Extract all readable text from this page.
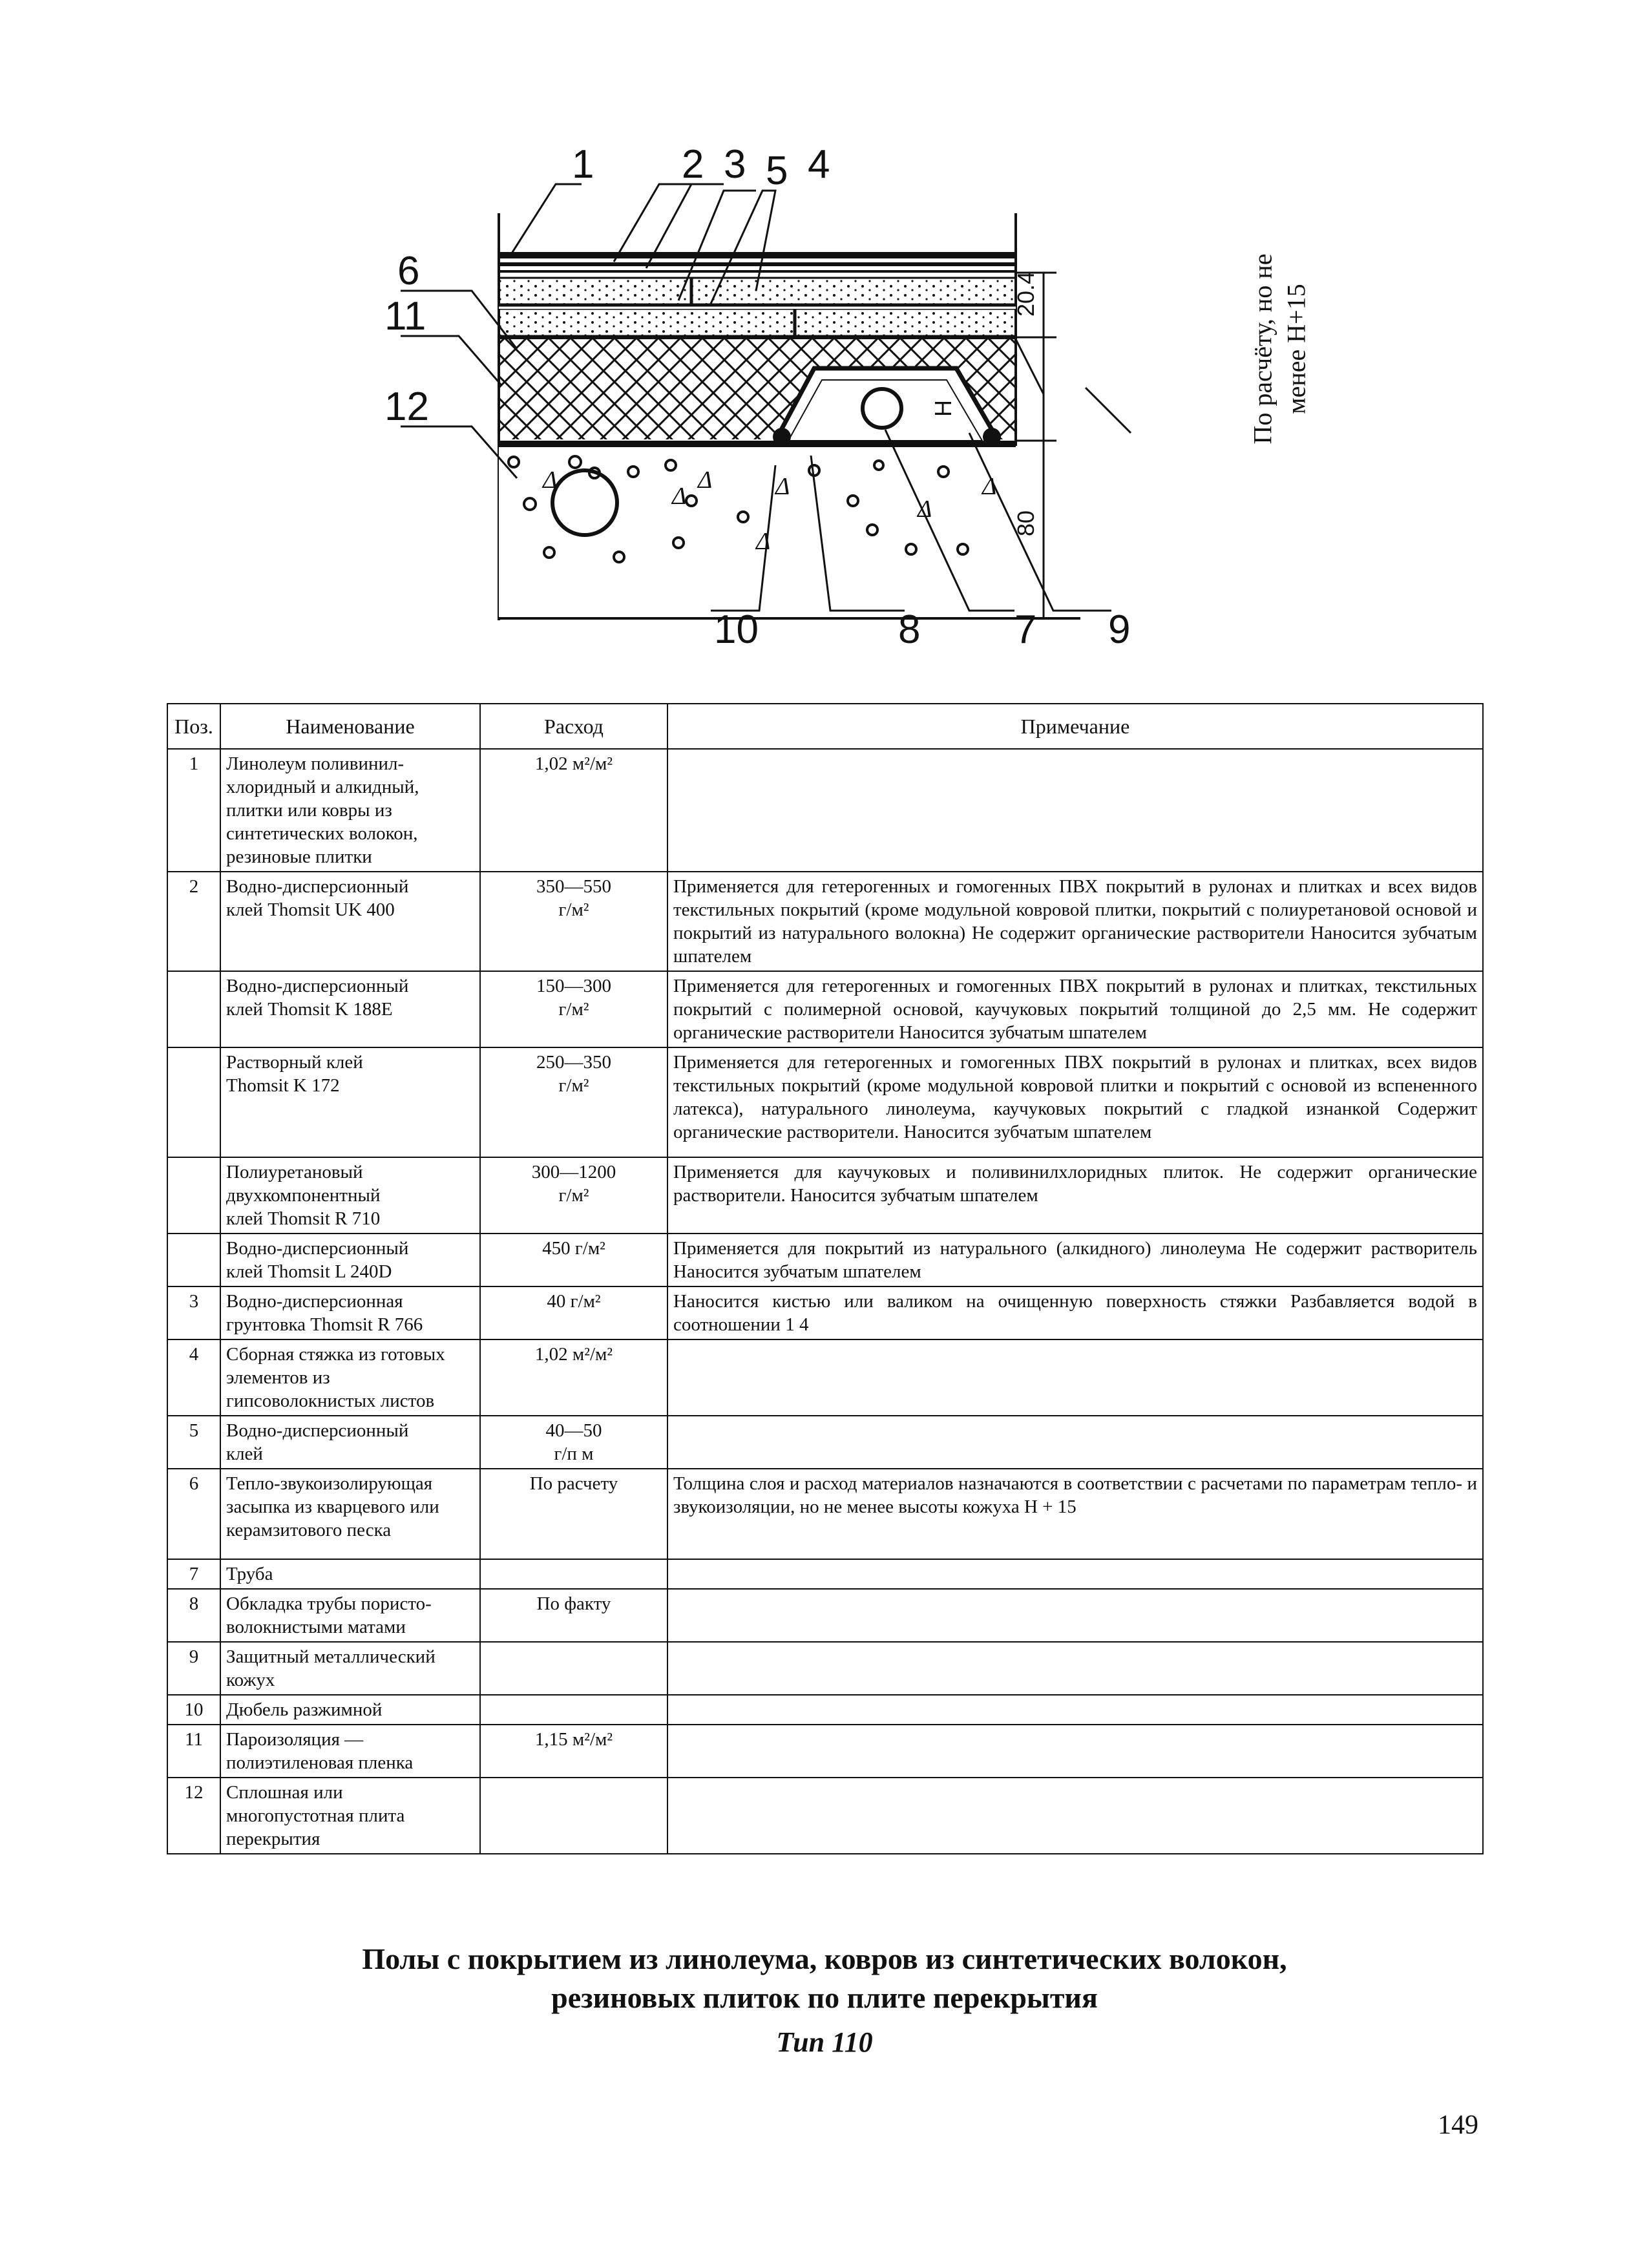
Δ
Δ
Δ	Δ
Δ
Δ
Δ
20.4
H
80
1 2 3 5 4
6
11
12
10	8 7 9
По расчёту, но не менее H+15
Поз.	Наименование	Расход	Примечание
1	Линолеум поливинил-
хлоридный и алкидный,
плитки или ковры из
синтетических волокон,
резиновые плитки	1,02 м²/м²	
2	Водно-дисперсионный
клей Thomsit UK 400	350—550
г/м²	Применяется для гетерогенных и гомогенных ПВХ покрытий в рулонах и плитках и всех видов текстильных покрытий (кроме модульной ковровой плитки, покрытий с полиуретановой основой и покрытий из натурального волокна) Не содержит органические растворители Наносится зубчатым шпателем
	Водно-дисперсионный
клей Thomsit K 188E	150—300
г/м²	Применяется для гетерогенных и гомогенных ПВХ покрытий в рулонах и плитках, текстильных покрытий с полимерной основой, каучуковых покрытий толщиной до 2,5 мм. Не содержит органические растворители Наносится зубчатым шпателем
	Растворный клей
Thomsit K 172	250—350
г/м²	Применяется для гетерогенных и гомогенных ПВХ покрытий в рулонах и плитках, всех видов текстильных покрытий (кроме модульной ковровой плитки и покрытий с основой из вспененного латекса), натурального линолеума, каучуковых покрытий с гладкой изнанкой Содержит органические растворители. Наносится зубчатым шпателем
	Полиуретановый
двухкомпонентный
клей Thomsit R 710	300—1200
г/м²	Применяется для каучуковых и поливинилхлоридных плиток. Не содержит органические растворители. Наносится зубчатым шпателем
	Водно-дисперсионный
клей Thomsit L 240D	450 г/м²	Применяется для покрытий из натурального (алкидного) линолеума Не содержит растворитель Наносится зубчатым шпателем
3	Водно-дисперсионная
грунтовка Thomsit R 766	40 г/м²	Наносится кистью или валиком на очищенную поверхность стяжки Разбавляется водой в соотношении 1 4
4	Сборная стяжка из готовых элементов из гипсоволокнистых листов	1,02 м²/м²	
5	Водно-дисперсионный
клей	40—50
г/п м	
6	Тепло-звукоизолирующая засыпка из кварцевого или керамзитового песка	По расчету	Толщина слоя и расход материалов назначаются в соответствии с расчетами по параметрам тепло- и звукоизоляции, но не менее высоты кожуха H + 15
7	Труба		
8	Обкладка трубы пористо-
волокнистыми матами	По факту	
9	Защитный металлический кожух		
10	Дюбель разжимной		
11	Пароизоляция — полиэтиленовая пленка	1,15 м²/м²	
12	Сплошная или многопустотная плита перекрытия		
Полы с покрытием из линолеума, ковров из синтетических волокон,
резиновых плиток по плите перекрытия
Тип 110
149
